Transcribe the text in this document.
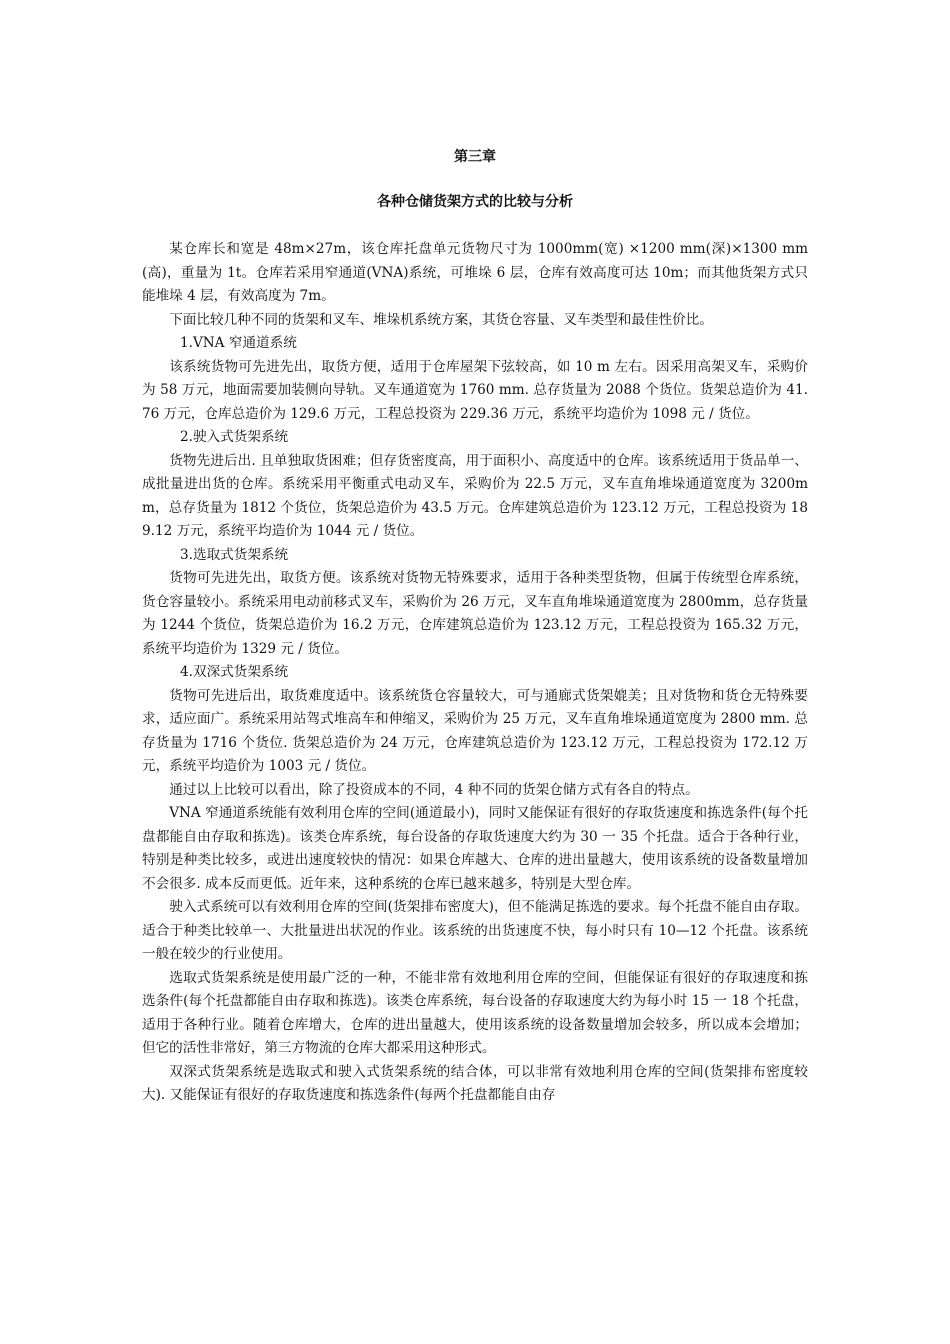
第三章
各种仓储货架方式的比较与分析

某仓库长和宽是 48m×27m，该仓库托盘单元货物尺寸为 1000mm(宽) ×1200 mm(深)×1300 mm(高)，重量为 1t。仓库若采用窄通道(VNA)系统，可堆垛 6 层，仓库有效高度可达 10m；而其他货架方式只能堆垛 4 层，有效高度为 7m。

下面比较几种不同的货架和叉车、堆垛机系统方案，其货仓容量、叉车类型和最佳性价比。

1.VNA 窄通道系统

该系统货物可先进先出，取货方便，适用于仓库屋架下弦较高，如 10 m 左右。因采用高架叉车，采购价为 58 万元，地面需要加装侧向导轨。叉车通道宽为 1760 mm. 总存货量为 2088 个货位。货架总造价为 41.76 万元，仓库总造价为 129.6 万元，工程总投资为 229.36 万元，系统平均造价为 1098 元 / 货位。

2.驶入式货架系统

货物先进后出. 且单独取货困难；但存货密度高，用于面积小、高度适中的仓库。该系统适用于货品单一、成批量进出货的仓库。系统采用平衡重式电动叉车，采购价为 22.5 万元，叉车直角堆垛通道宽度为 3200mm，总存货量为 1812 个货位，货架总造价为 43.5 万元。仓库建筑总造价为 123.12 万元，工程总投资为 189.12 万元，系统平均造价为 1044 元 / 货位。

3.选取式货架系统

货物可先进先出，取货方便。该系统对货物无特殊要求，适用于各种类型货物，但属于传统型仓库系统，货仓容量较小。系统采用电动前移式叉车，采购价为 26 万元，叉车直角堆垛通道宽度为 2800mm，总存货量为 1244 个货位，货架总造价为 16.2 万元，仓库建筑总造价为 123.12 万元，工程总投资为 165.32 万元，系统平均造价为 1329 元 / 货位。

4.双深式货架系统

货物可先进后出，取货难度适中。该系统货仓容量较大，可与通廊式货架媲美；且对货物和货仓无特殊要求，适应面广。系统采用站驾式堆高车和伸缩叉，采购价为 25 万元，叉车直角堆垛通道宽度为 2800 mm. 总存货量为 1716 个货位. 货架总造价为 24 万元，仓库建筑总造价为 123.12 万元，工程总投资为 172.12 万元，系统平均造价为 1003 元 / 货位。

通过以上比较可以看出，除了投资成本的不同，4 种不同的货架仓储方式有各自的特点。

VNA 窄通道系统能有效利用仓库的空间(通道最小)，同时又能保证有很好的存取货速度和拣选条件(每个托盘都能自由存取和拣选)。该类仓库系统，每台设备的存取货速度大约为 30 一 35 个托盘。适合于各种行业，特别是种类比较多，或进出速度较快的情况：如果仓库越大、仓库的进出量越大，使用该系统的设备数量增加不会很多. 成本反而更低。近年来，这种系统的仓库已越来越多，特别是大型仓库。

驶入式系统可以有效利用仓库的空间(货架排布密度大)，但不能满足拣选的要求。每个托盘不能自由存取。适合于种类比较单一、大批量进出状况的作业。该系统的出货速度不快，每小时只有 10—12 个托盘。该系统一般在较少的行业使用。

选取式货架系统是使用最广泛的一种，不能非常有效地利用仓库的空间，但能保证有很好的存取速度和拣选条件(每个托盘都能自由存取和拣选)。该类仓库系统，每台设备的存取速度大约为每小时 15 一 18 个托盘，适用于各种行业。随着仓库增大，仓库的进出量越大，使用该系统的设备数量增加会较多，所以成本会增加；但它的活性非常好，第三方物流的仓库大都采用这种形式。

双深式货架系统是选取式和驶入式货架系统的结合体，可以非常有效地利用仓库的空间(货架排布密度较大). 又能保证有很好的存取货速度和拣选条件(每两个托盘都能自由存
